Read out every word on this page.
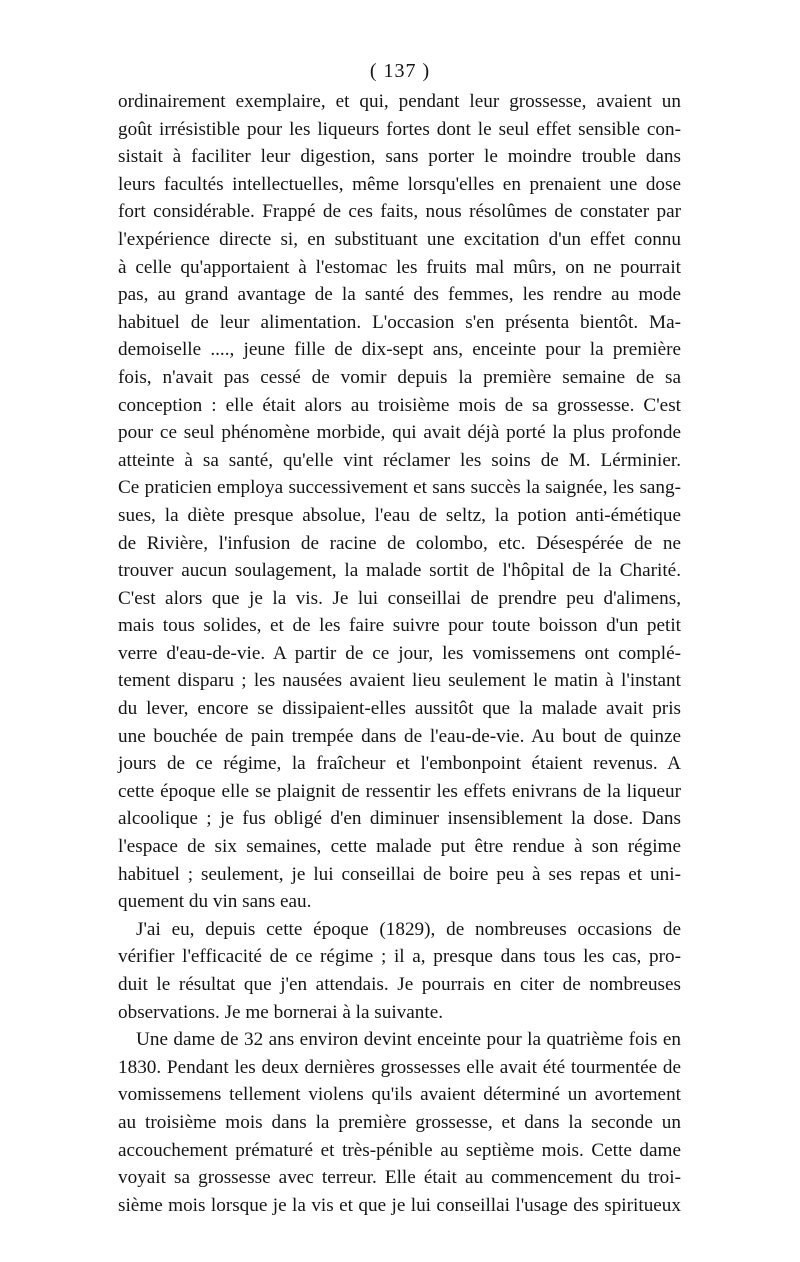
( 137 )
ordinairement exemplaire, et qui, pendant leur grossesse, avaient un
goût irrésistible pour les liqueurs fortes dont le seul effet sensible con-
sistait à faciliter leur digestion, sans porter le moindre trouble dans
leurs facultés intellectuelles, même lorsqu'elles en prenaient une dose
fort considérable. Frappé de ces faits, nous résolûmes de constater par
l'expérience directe si, en substituant une excitation d'un effet connu
à celle qu'apportaient à l'estomac les fruits mal mûrs, on ne pourrait
pas, au grand avantage de la santé des femmes, les rendre au mode
habituel de leur alimentation. L'occasion s'en présenta bientôt. Ma-
demoiselle ...., jeune fille de dix-sept ans, enceinte pour la première
fois, n'avait pas cessé de vomir depuis la première semaine de sa
conception : elle était alors au troisième mois de sa grossesse. C'est
pour ce seul phénomène morbide, qui avait déjà porté la plus profonde
atteinte à sa santé, qu'elle vint réclamer les soins de M. Lérminier.
Ce praticien employa successivement et sans succès la saignée, les sang-
sues, la diète presque absolue, l'eau de seltz, la potion anti-émétique
de Rivière, l'infusion de racine de colombo, etc. Désespérée de ne
trouver aucun soulagement, la malade sortit de l'hôpital de la Charité.
C'est alors que je la vis. Je lui conseillai de prendre peu d'alimens,
mais tous solides, et de les faire suivre pour toute boisson d'un petit
verre d'eau-de-vie. A partir de ce jour, les vomissemens ont complé-
tement disparu ; les nausées avaient lieu seulement le matin à l'instant
du lever, encore se dissipaient-elles aussitôt que la malade avait pris
une bouchée de pain trempée dans de l'eau-de-vie. Au bout de quinze
jours de ce régime, la fraîcheur et l'embonpoint étaient revenus. A
cette époque elle se plaignit de ressentir les effets enivrans de la liqueur
alcoolique ; je fus obligé d'en diminuer insensiblement la dose. Dans
l'espace de six semaines, cette malade put être rendue à son régime
habituel ; seulement, je lui conseillai de boire peu à ses repas et uni-
quement du vin sans eau.
J'ai eu, depuis cette époque (1829), de nombreuses occasions de
vérifier l'efficacité de ce régime ; il a, presque dans tous les cas, pro-
duit le résultat que j'en attendais. Je pourrais en citer de nombreuses
observations. Je me bornerai à la suivante.
Une dame de 32 ans environ devint enceinte pour la quatrième fois en
1830. Pendant les deux dernières grossesses elle avait été tourmentée de
vomissemens tellement violens qu'ils avaient déterminé un avortement
au troisième mois dans la première grossesse, et dans la seconde un
accouchement prématuré et très-pénible au septième mois. Cette dame
voyait sa grossesse avec terreur. Elle était au commencement du troi-
sième mois lorsque je la vis et que je lui conseillai l'usage des spiritueux
